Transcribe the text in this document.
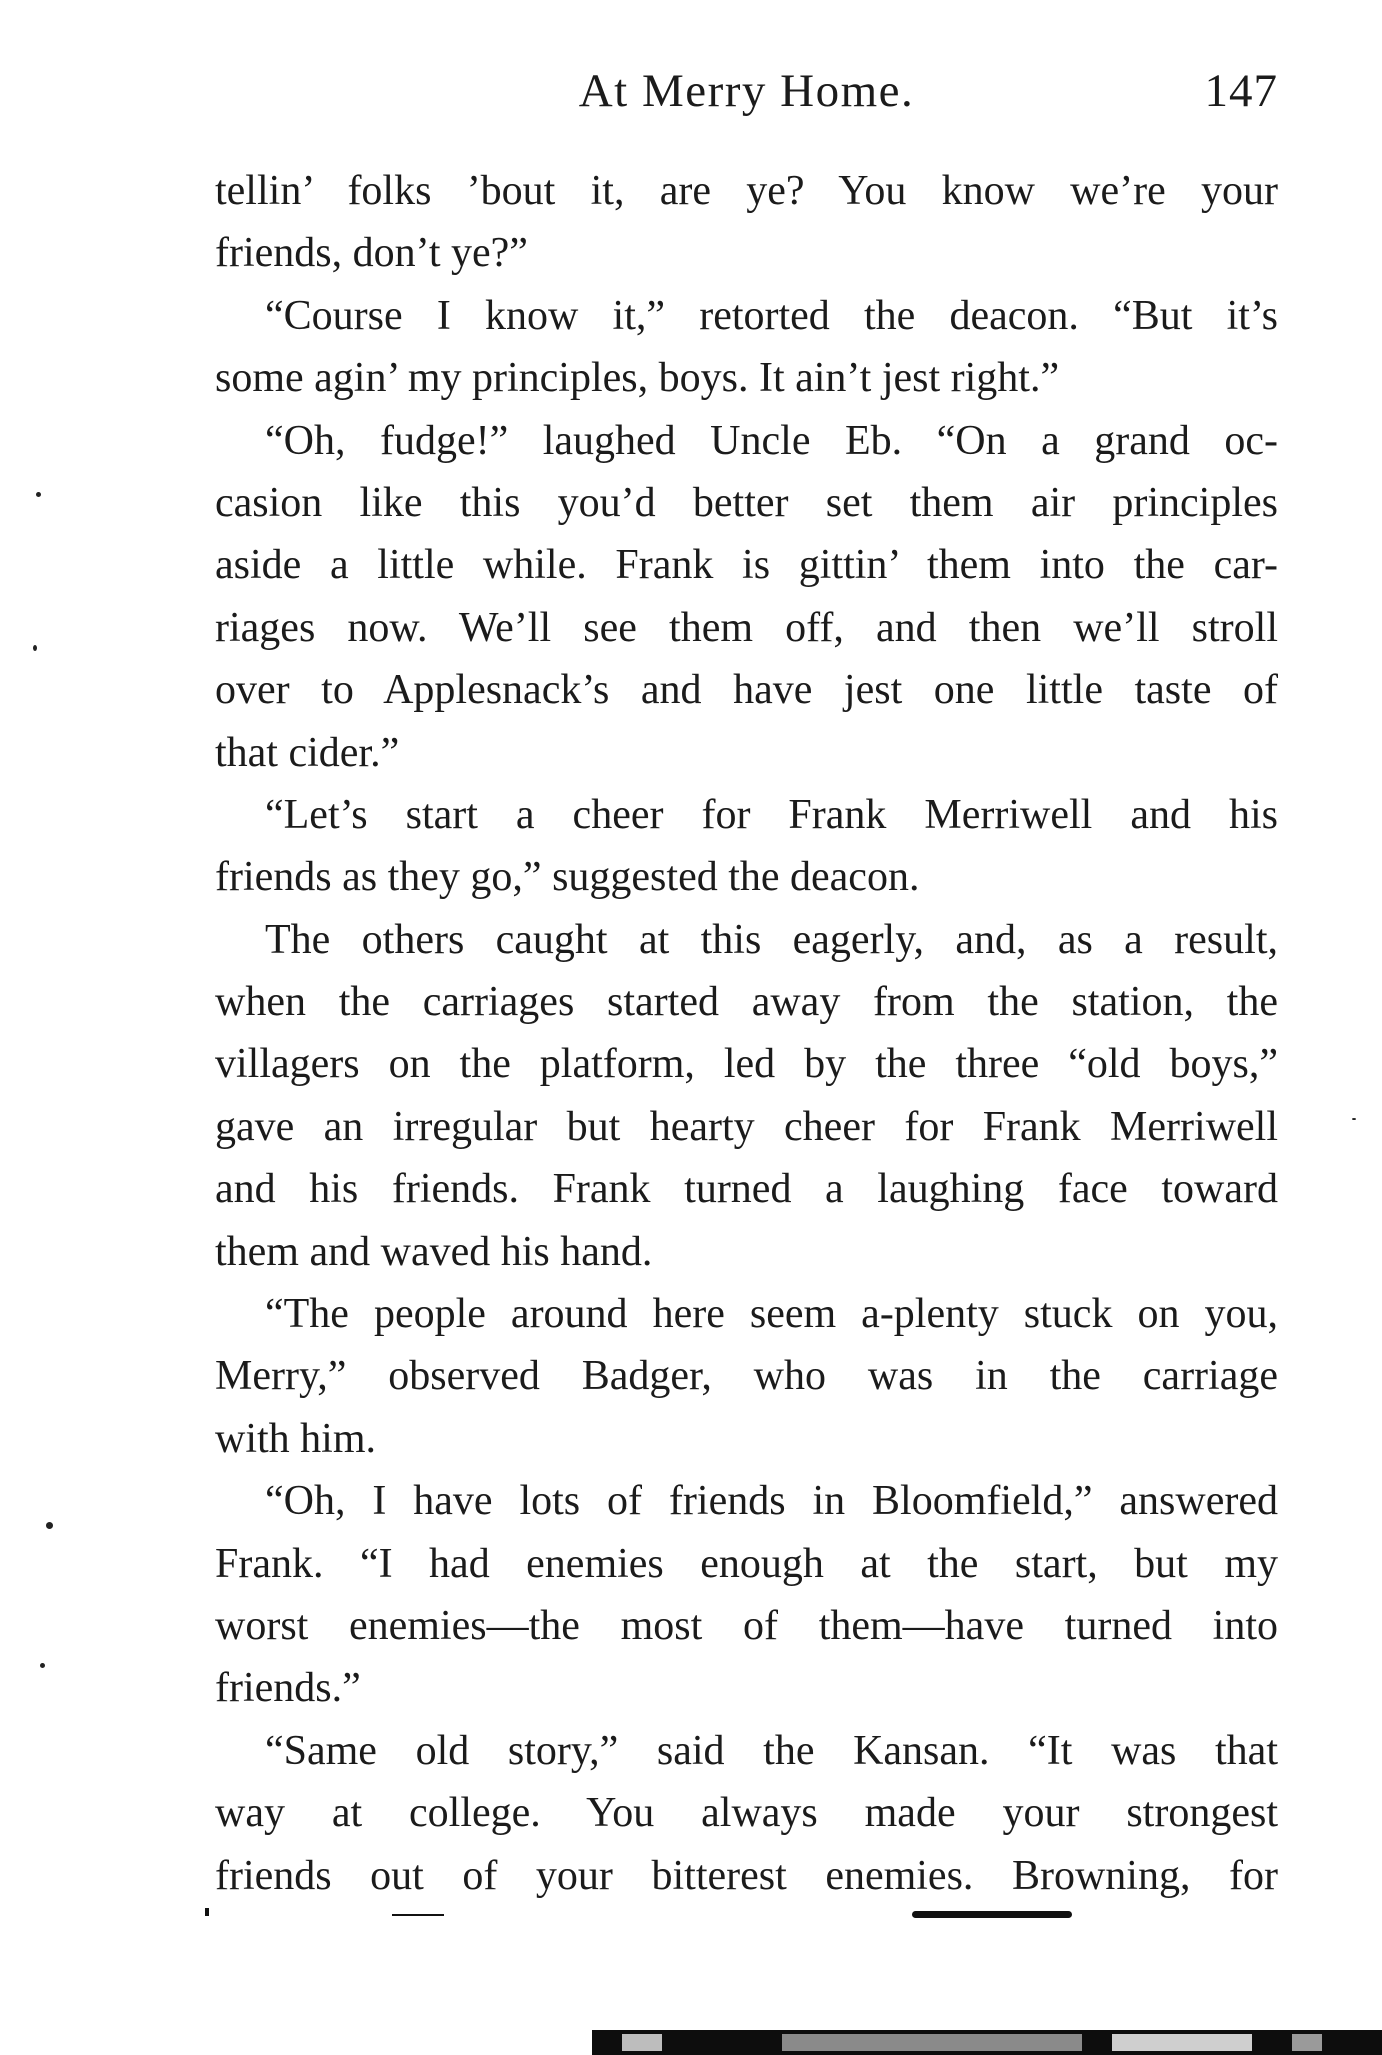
At Merry Home.	147
tellin’ folks ’bout it, are ye? You know we’re your
friends, don’t ye?”
“Course I know it,” retorted the deacon. “But it’s
some agin’ my principles, boys. It ain’t jest right.”
“Oh, fudge!” laughed Uncle Eb. “On a grand oc-
casion like this you’d better set them air principles
aside a little while. Frank is gittin’ them into the car-
riages now. We’ll see them off, and then we’ll stroll
over to Applesnack’s and have jest one little taste of
that cider.”
“Let’s start a cheer for Frank Merriwell and his
friends as they go,” suggested the deacon.
The others caught at this eagerly, and, as a result,
when the carriages started away from the station, the
villagers on the platform, led by the three “old boys,”
gave an irregular but hearty cheer for Frank Merriwell
and his friends. Frank turned a laughing face toward
them and waved his hand.
“The people around here seem a-plenty stuck on you,
Merry,” observed Badger, who was in the carriage
with him.
“Oh, I have lots of friends in Bloomfield,” answered
Frank. “I had enemies enough at the start, but my
worst enemies—the most of them—have turned into
friends.”
“Same old story,” said the Kansan. “It was that
way at college. You always made your strongest
friends out of your bitterest enemies. Browning, for
